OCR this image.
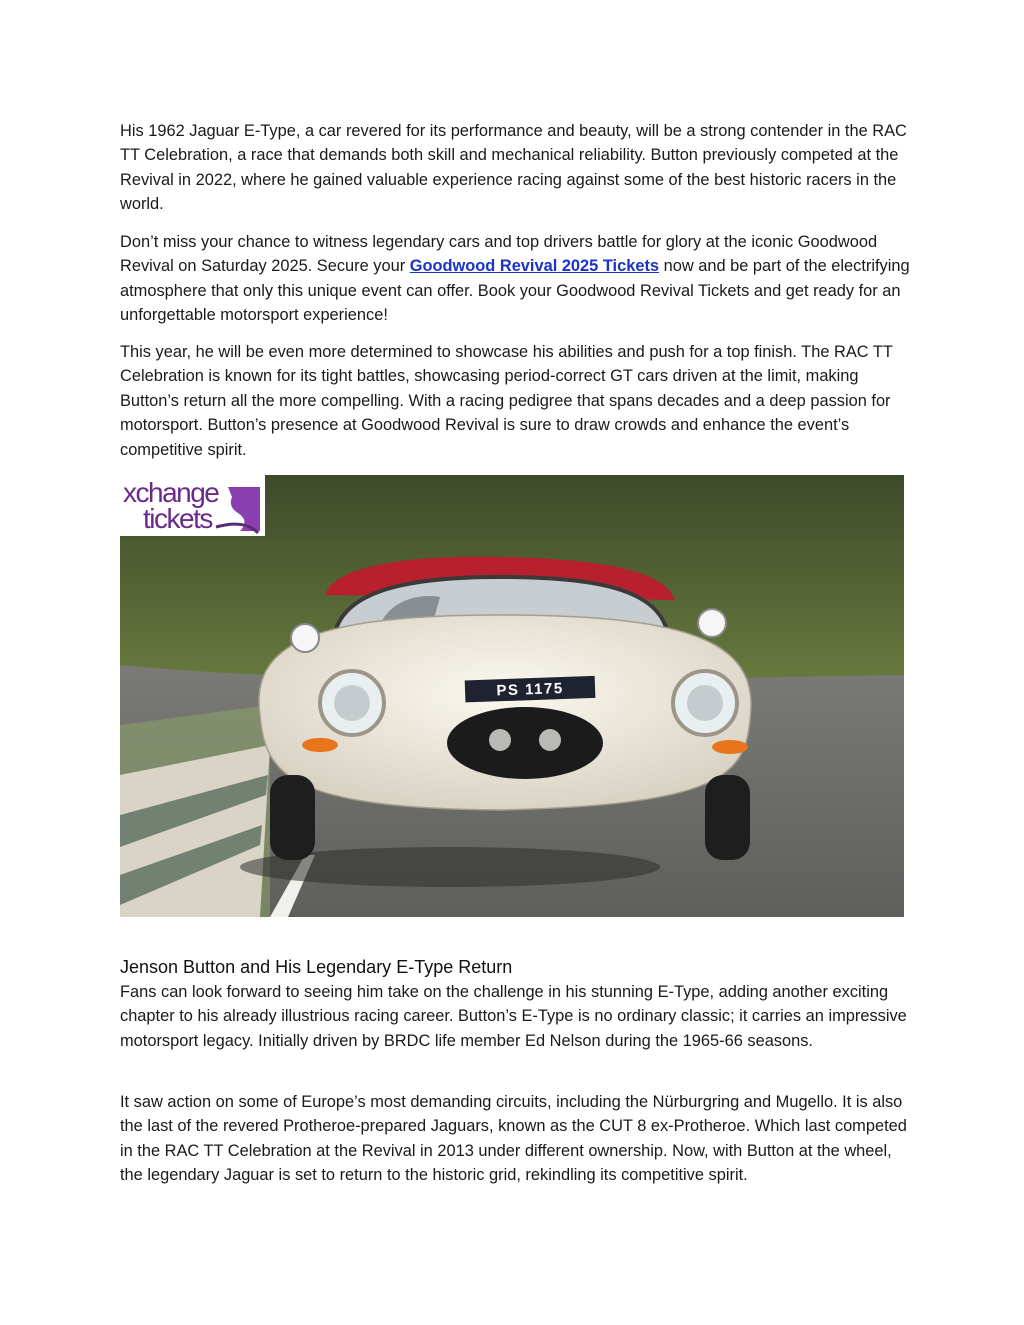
His 1962 Jaguar E-Type, a car revered for its performance and beauty, will be a strong contender in the RAC TT Celebration, a race that demands both skill and mechanical reliability. Button previously competed at the Revival in 2022, where he gained valuable experience racing against some of the best historic racers in the world.

Don’t miss your chance to witness legendary cars and top drivers battle for glory at the iconic Goodwood Revival on Saturday 2025. Secure your Goodwood Revival 2025 Tickets now and be part of the electrifying atmosphere that only this unique event can offer. Book your Goodwood Revival Tickets and get ready for an unforgettable motorsport experience!

This year, he will be even more determined to showcase his abilities and push for a top finish. The RAC TT Celebration is known for its tight battles, showcasing period-correct GT cars driven at the limit, making Button’s return all the more compelling. With a racing pedigree that spans decades and a deep passion for motorsport. Button’s presence at Goodwood Revival is sure to draw crowds and enhance the event’s competitive spirit.

PS 1175
xchange
tickets
Jenson Button and His Legendary E-Type Return

Fans can look forward to seeing him take on the challenge in his stunning E-Type, adding another exciting chapter to his already illustrious racing career. Button’s E-Type is no ordinary classic; it carries an impressive motorsport legacy. Initially driven by BRDC life member Ed Nelson during the 1965-66 seasons.

It saw action on some of Europe’s most demanding circuits, including the Nürburgring and Mugello. It is also the last of the revered Protheroe-prepared Jaguars, known as the CUT 8 ex-Protheroe. Which last competed in the RAC TT Celebration at the Revival in 2013 under different ownership. Now, with Button at the wheel, the legendary Jaguar is set to return to the historic grid, rekindling its competitive spirit.
